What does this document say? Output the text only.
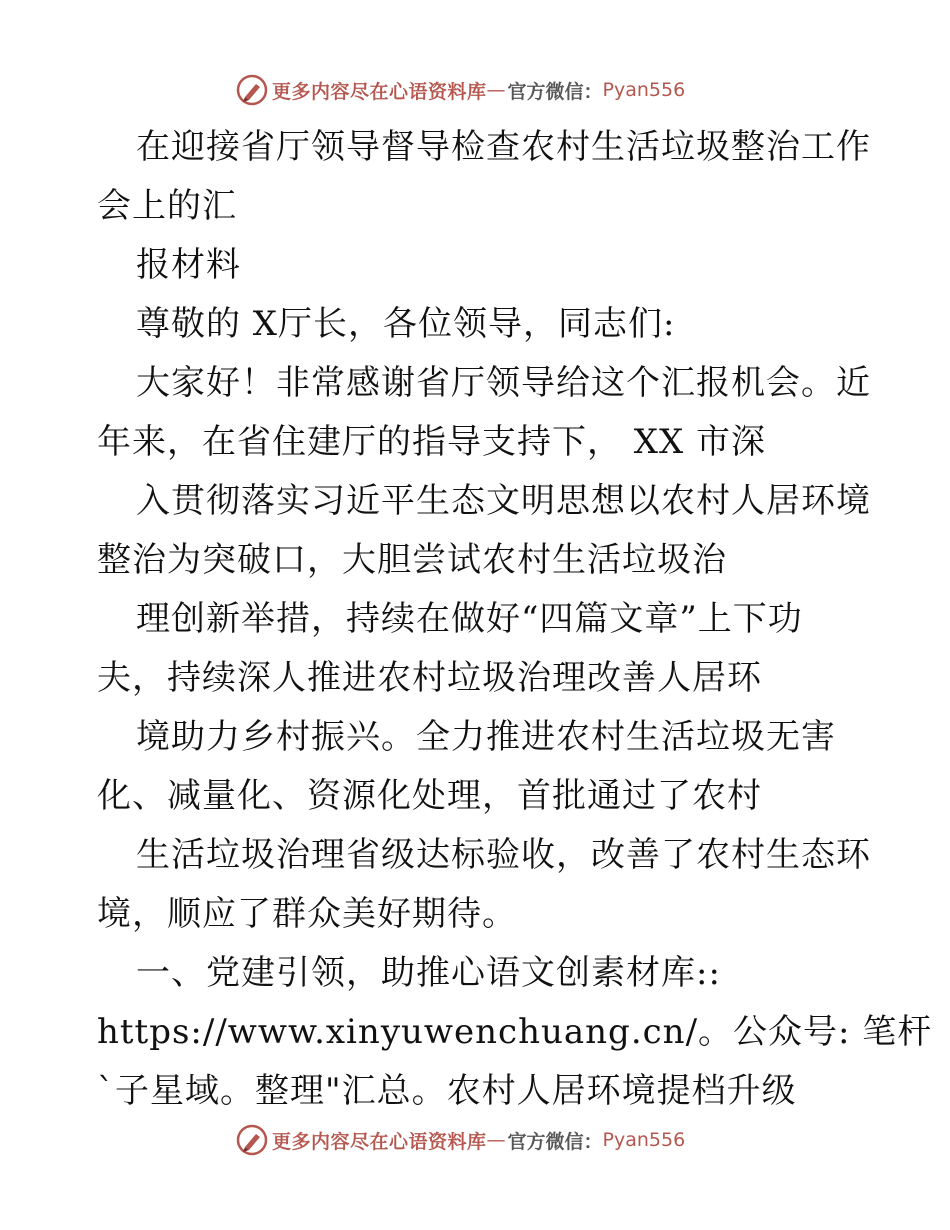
更多内容尽在心语资料库 — 官方微信： Pyan556
在迎接省厅领导督导检查农村生活垃圾整治工作
会上的汇
报材料
尊敬的 X厅长，各位领导，同志们:
大家好！非常感谢省厅领导给这个汇报机会。近
年来，在省住建厅的指导支持下， XX 市深
入贯彻落实习近平生态文明思想以农村人居环境
整治为突破口，大胆尝试农村生活垃圾治
理创新举措，持续在做好“四篇文章”上下功
夫，持续深人推进农村垃圾治理改善人居环
境助力乡村振兴。全力推进农村生活垃圾无害
化、减量化、资源化处理，首批通过了农村
生活垃圾治理省级达标验收，改善了农村生态环
境，顺应了群众美好期待。
一、党建引领，助推心语文创素材库::
https://www.xinyuwenchuang.cn/。公众号: 笔杆
`子星域。整理"汇总。农村人居环境提档升级
更多内容尽在心语资料库 — 官方微信： Pyan556
